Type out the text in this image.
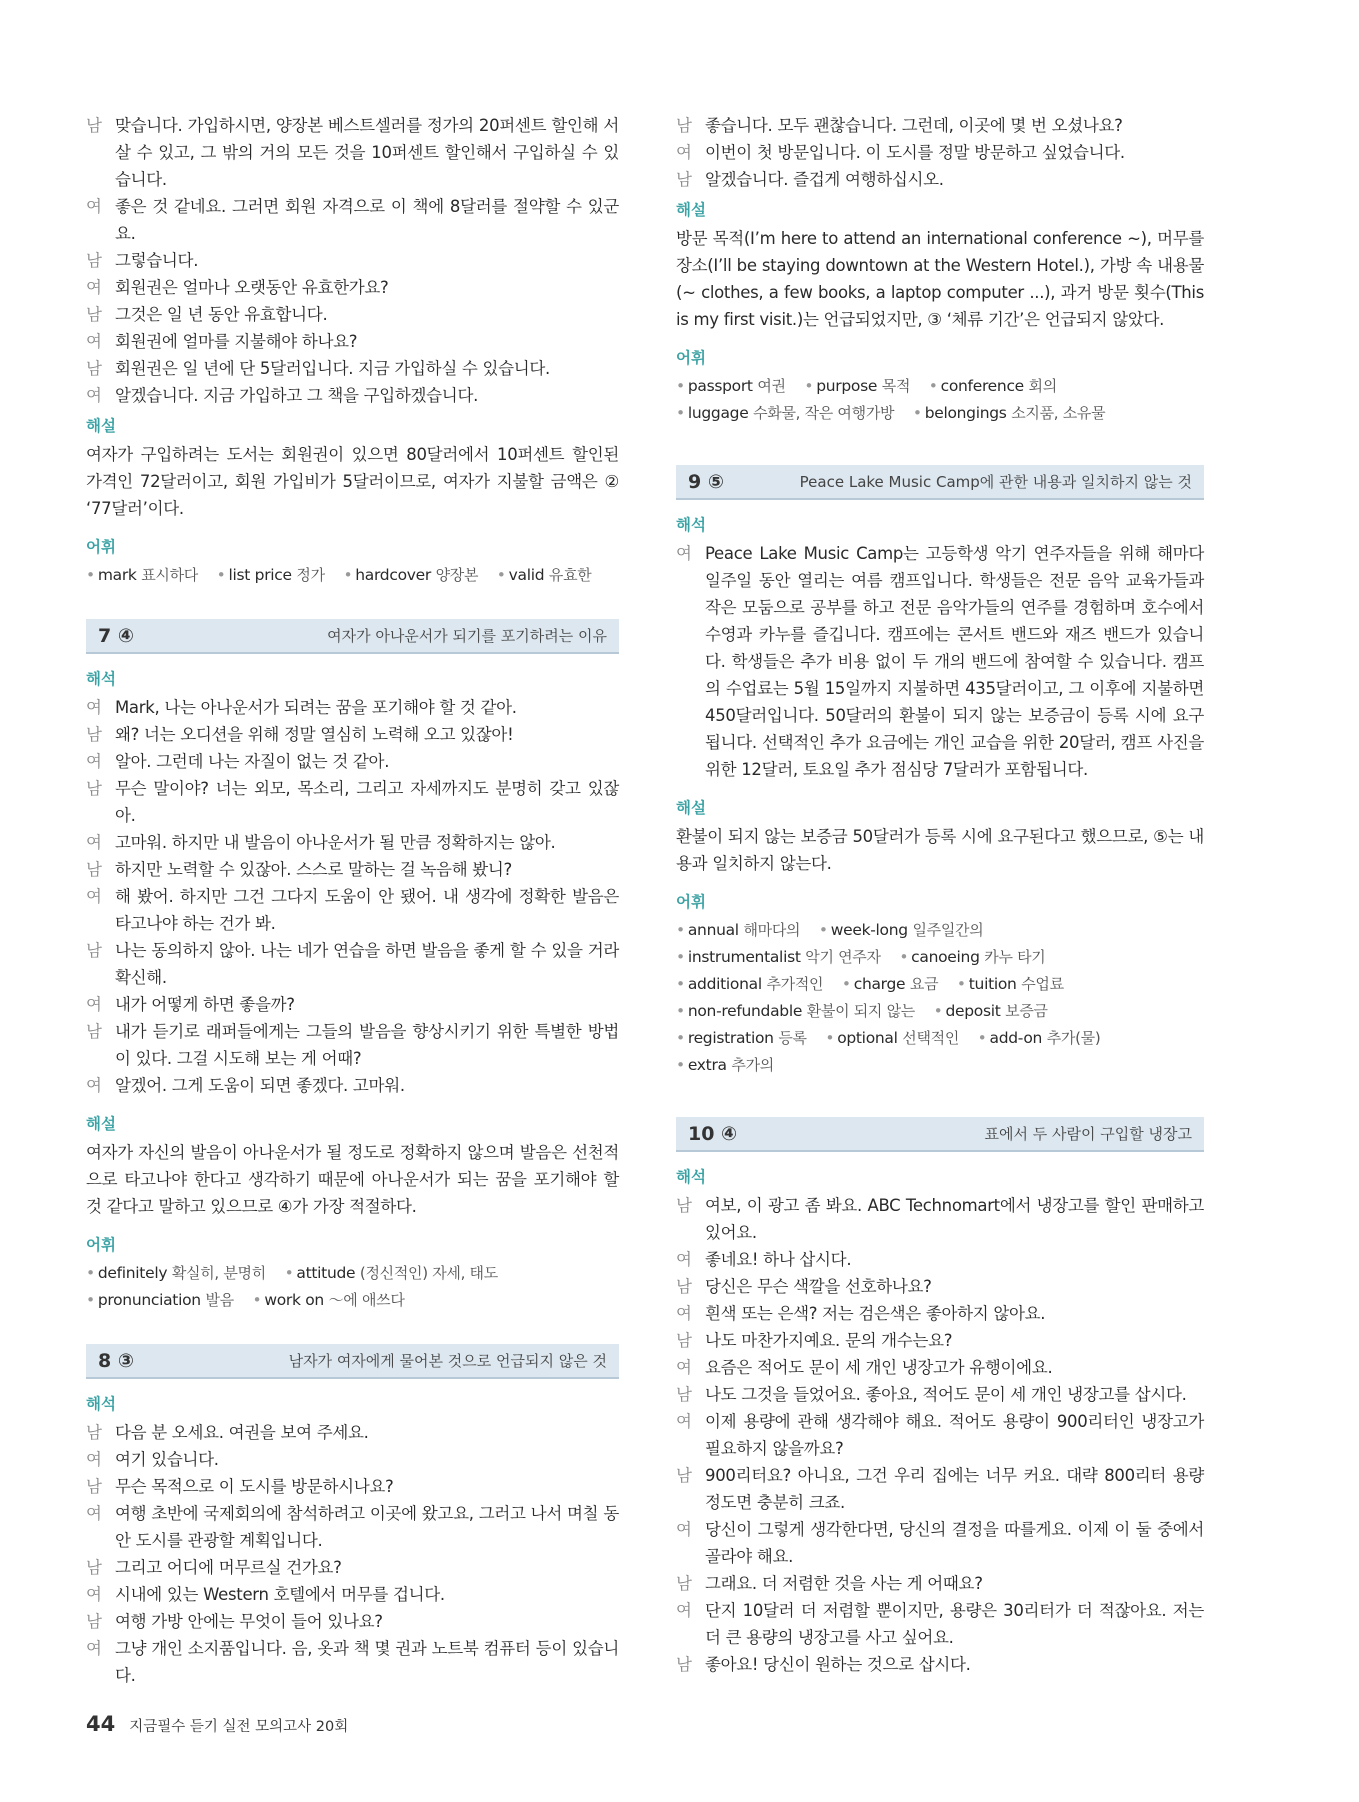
남 맞습니다. 가입하시면, 양장본 베스트셀러를 정가의 20퍼센트 할인해 서 살 수 있고, 그 밖의 거의 모든 것을 10퍼센트 할인해서 구입하실 수 있습니다.
여 좋은 것 같네요. 그러면 회원 자격으로 이 책에 8달러를 절약할 수 있군요.
남 그렇습니다.
여 회원권은 얼마나 오랫동안 유효한가요?
남 그것은 일 년 동안 유효합니다.
여 회원권에 얼마를 지불해야 하나요?
남 회원권은 일 년에 단 5달러입니다. 지금 가입하실 수 있습니다.
여 알겠습니다. 지금 가입하고 그 책을 구입하겠습니다.
해설

여자가 구입하려는 도서는 회원권이 있으면 80달러에서 10퍼센트 할인된 가격인 72달러이고, 회원 가입비가 5달러이므로, 여자가 지불할 금액은 ② ‘77달러’이다.

어휘
• mark 표시하다 • list price 정가 • hardcover 양장본 • valid 유효한
7 ④	여자가 아나운서가 되기를 포기하려는 이유
해석
여 Mark, 나는 아나운서가 되려는 꿈을 포기해야 할 것 같아.
남 왜? 너는 오디션을 위해 정말 열심히 노력해 오고 있잖아!
여 알아. 그런데 나는 자질이 없는 것 같아.
남 무슨 말이야? 너는 외모, 목소리, 그리고 자세까지도 분명히 갖고 있잖아.
여 고마워. 하지만 내 발음이 아나운서가 될 만큼 정확하지는 않아.
남 하지만 노력할 수 있잖아. 스스로 말하는 걸 녹음해 봤니?
여 해 봤어. 하지만 그건 그다지 도움이 안 됐어. 내 생각에 정확한 발음은 타고나야 하는 건가 봐.
남 나는 동의하지 않아. 나는 네가 연습을 하면 발음을 좋게 할 수 있을 거라 확신해.
여 내가 어떻게 하면 좋을까?
남 내가 듣기로 래퍼들에게는 그들의 발음을 향상시키기 위한 특별한 방법이 있다. 그걸 시도해 보는 게 어때?
여 알겠어. 그게 도움이 되면 좋겠다. 고마워.
해설

여자가 자신의 발음이 아나운서가 될 정도로 정확하지 않으며 발음은 선천적으로 타고나야 한다고 생각하기 때문에 아나운서가 되는 꿈을 포기해야 할 것 같다고 말하고 있으므로 ④가 가장 적절하다.

어휘
• definitely 확실히, 분명히 • attitude (정신적인) 자세, 태도 • pronunciation 발음 • work on ～에 애쓰다
8 ③	남자가 여자에게 물어본 것으로 언급되지 않은 것
해석
남 다음 분 오세요. 여권을 보여 주세요.
여 여기 있습니다.
남 무슨 목적으로 이 도시를 방문하시나요?
여 여행 초반에 국제회의에 참석하려고 이곳에 왔고요, 그러고 나서 며칠 동안 도시를 관광할 계획입니다.
남 그리고 어디에 머무르실 건가요?
여 시내에 있는 Western 호텔에서 머무를 겁니다.
남 여행 가방 안에는 무엇이 들어 있나요?
여 그냥 개인 소지품입니다. 음, 옷과 책 몇 권과 노트북 컴퓨터 등이 있습니다.
남 좋습니다. 모두 괜찮습니다. 그런데, 이곳에 몇 번 오셨나요?
여 이번이 첫 방문입니다. 이 도시를 정말 방문하고 싶었습니다.
남 알겠습니다. 즐겁게 여행하십시오.
해설

방문 목적(I’m here to attend an international conference ~), 머무를 장소(I’ll be staying downtown at the Western Hotel.), 가방 속 내용물(~ clothes, a few books, a laptop computer ...), 과거 방문 횟수(This is my first visit.)는 언급되었지만, ③ ‘체류 기간’은 언급되지 않았다.

어휘
• passport 여권 • purpose 목적 • conference 회의 • luggage 수화물, 작은 여행가방 • belongings 소지품, 소유물
9 ⑤	Peace Lake Music Camp에 관한 내용과 일치하지 않는 것
해석
여 Peace Lake Music Camp는 고등학생 악기 연주자들을 위해 해마다 일주일 동안 열리는 여름 캠프입니다. 학생들은 전문 음악 교육가들과 작은 모둠으로 공부를 하고 전문 음악가들의 연주를 경험하며 호수에서 수영과 카누를 즐깁니다. 캠프에는 콘서트 밴드와 재즈 밴드가 있습니다. 학생들은 추가 비용 없이 두 개의 밴드에 참여할 수 있습니다. 캠프의 수업료는 5월 15일까지 지불하면 435달러이고, 그 이후에 지불하면 450달러입니다. 50달러의 환불이 되지 않는 보증금이 등록 시에 요구됩니다. 선택적인 추가 요금에는 개인 교습을 위한 20달러, 캠프 사진을 위한 12달러, 토요일 추가 점심당 7달러가 포함됩니다.
해설

환불이 되지 않는 보증금 50달러가 등록 시에 요구된다고 했으므로, ⑤는 내용과 일치하지 않는다.

어휘
• annual 해마다의 • week-long 일주일간의 • instrumentalist 악기 연주자 • canoeing 카누 타기 • additional 추가적인 • charge 요금 • tuition 수업료 • non-refundable 환불이 되지 않는 • deposit 보증금 • registration 등록 • optional 선택적인 • add-on 추가(물) • extra 추가의
10 ④	표에서 두 사람이 구입할 냉장고
해석
남 여보, 이 광고 좀 봐요. ABC Technomart에서 냉장고를 할인 판매하고 있어요.
여 좋네요! 하나 삽시다.
남 당신은 무슨 색깔을 선호하나요?
여 흰색 또는 은색? 저는 검은색은 좋아하지 않아요.
남 나도 마찬가지예요. 문의 개수는요?
여 요즘은 적어도 문이 세 개인 냉장고가 유행이에요.
남 나도 그것을 들었어요. 좋아요, 적어도 문이 세 개인 냉장고를 삽시다.
여 이제 용량에 관해 생각해야 해요. 적어도 용량이 900리터인 냉장고가 필요하지 않을까요?
남 900리터요? 아니요, 그건 우리 집에는 너무 커요. 대략 800리터 용량 정도면 충분히 크죠.
여 당신이 그렇게 생각한다면, 당신의 결정을 따를게요. 이제 이 둘 중에서 골라야 해요.
남 그래요. 더 저렴한 것을 사는 게 어때요?
여 단지 10달러 더 저렴할 뿐이지만, 용량은 30리터가 더 적잖아요. 저는 더 큰 용량의 냉장고를 사고 싶어요.
남 좋아요! 당신이 원하는 것으로 삽시다.
44 지금필수 듣기 실전 모의고사 20회
